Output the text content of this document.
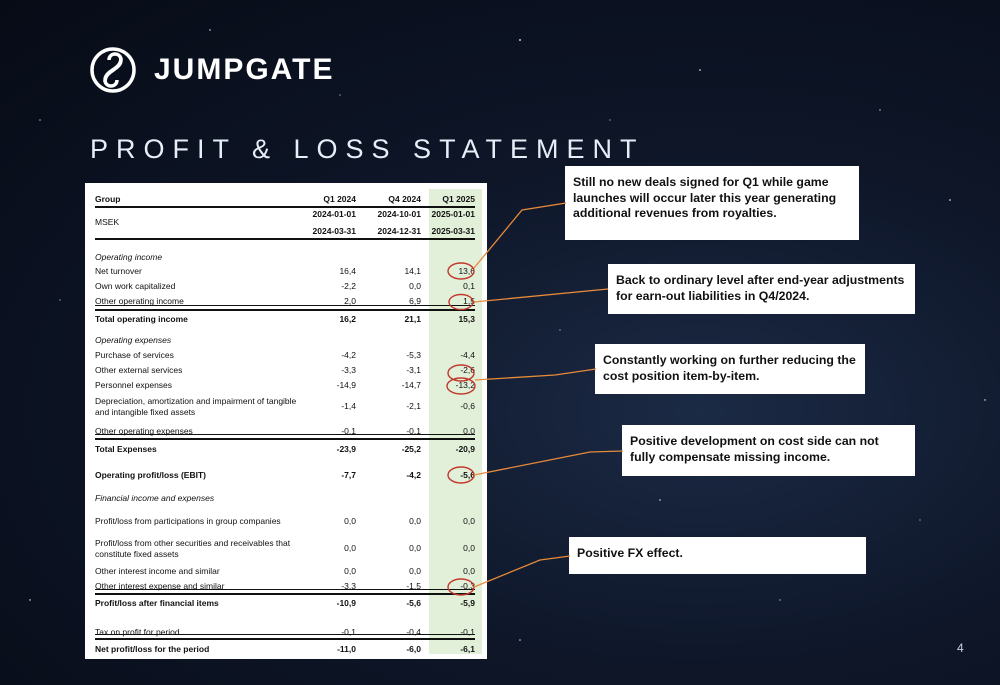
JUMPGATE
PROFIT & LOSS STATEMENT
Group	Q1 2024	Q4 2024	Q1 2025
2024-01-01	2024-10-01	2025-01-01
MSEK
2024-03-31	2024-12-31	2025-03-31
Operating income
Net turnover	16,4	14,1	13,6
Own work capitalized	-2,2	0,0	0,1
Other operating income	2,0	6,9	1,5
Total operating income	16,2	21,1	15,3
Operating expenses
Purchase of services	-4,2	-5,3	-4,4
Other external services	-3,3	-3,1	-2,6
Personnel expenses	-14,9	-14,7	-13,2
Depreciation, amortization and impairment of tangible and intangible fixed assets
-1,4	-2,1	-0,6
Other operating expenses	-0,1	-0,1	0,0
Total Expenses	-23,9	-25,2	-20,9
Operating profit/loss (EBIT)	-7,7	-4,2	-5,6
Financial income and expenses
Profit/loss from participations in group companies	0,0	0,0	0,0
Profit/loss from other securities and receivables that constitute fixed assets
0,0	0,0	0,0
Other interest income and similar	0,0	0,0	0,0
Other interest expense and similar	-3,3	-1,5	-0,3
Profit/loss after financial items	-10,9	-5,6	-5,9
Tax on profit for period	-0,1	-0,4	-0,1
Net profit/loss for the period	-11,0	-6,0	-6,1
Still no new deals signed for Q1 while game launches will occur later this year generating additional revenues from royalties.
Back to ordinary level after end-year adjustments for earn-out liabilities in Q4/2024.
Constantly working on further reducing the cost position item-by-item.
Positive development on cost side can not fully compensate missing income.
Positive FX effect.
4
